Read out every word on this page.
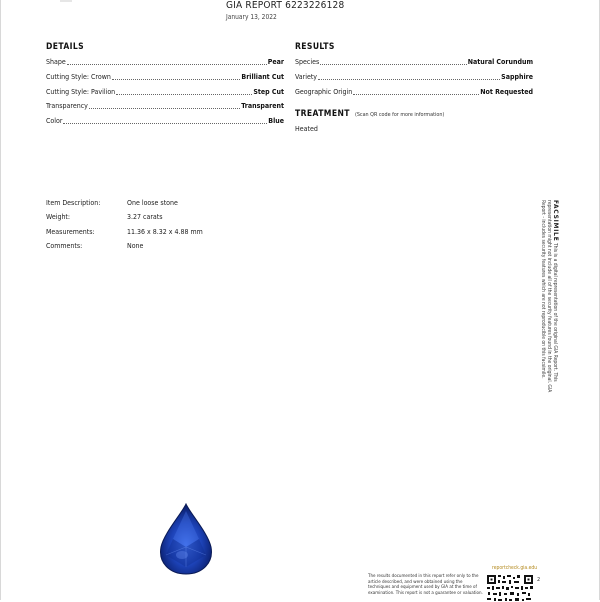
GIA REPORT 6223226128
January 13, 2022
DETAILS
Shape	Pear
Cutting Style: Crown	Brilliant Cut
Cutting Style: Pavilion	Step Cut
Transparency	Transparent
Color	Blue
RESULTS
Species	Natural Corundum
Variety	Sapphire
Geographic Origin	Not Requested
TREATMENT (Scan QR code for more information)
Heated
Item Description:	One loose stone
Weight:	3.27 carats
Measurements:	11.36 x 8.32 x 4.88 mm
Comments:	None
FACSIMILE This is a digital representation of the original GIA Report. This representation might not include all of the security features found in the original. GIA Report - includes security features which are not reproducible on this facsimile.
reportcheck.gia.edu
The results documented in this report refer only to the article described, and were obtained using the techniques and equipment used by GIA at the time of examination. This report is not a guarantee or valuation.
2
